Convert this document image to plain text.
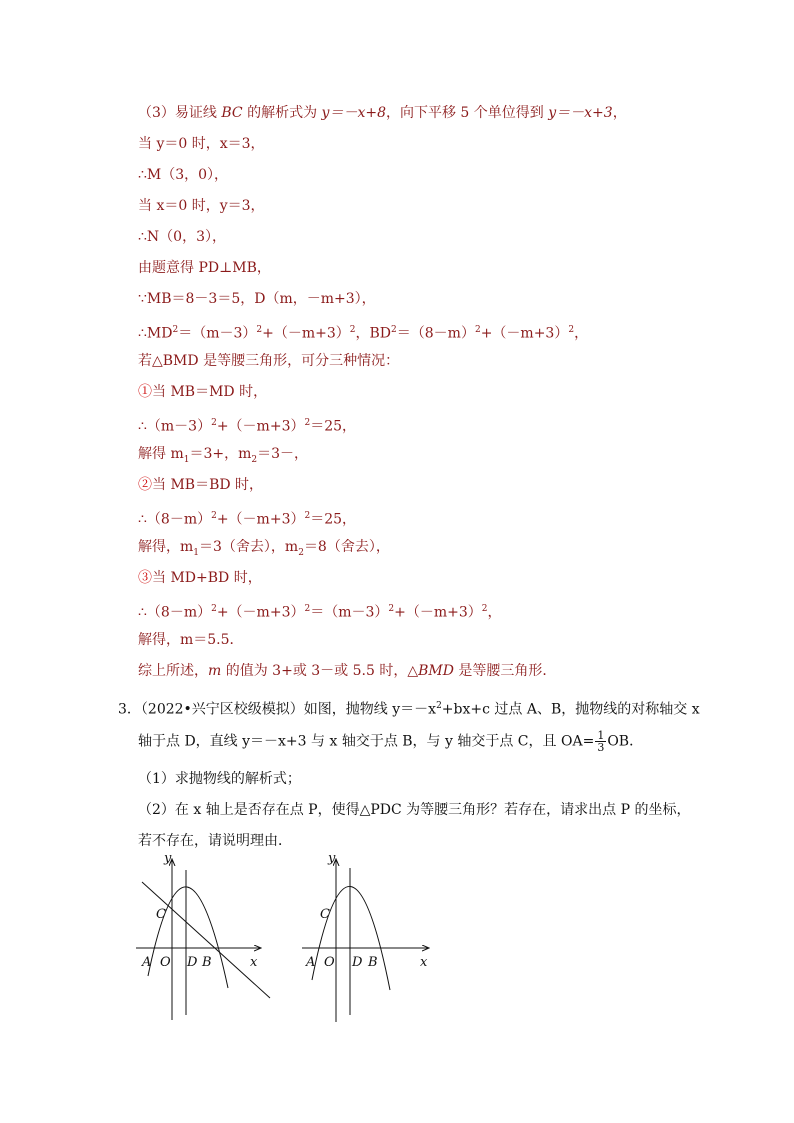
（3）易证线 BC 的解析式为 y＝－x+8，向下平移 5 个单位得到 y＝－x+3，
当 y＝0 时，x＝3，
∴M（3，0），
当 x＝0 时，y＝3，
∴N（0，3），
由题意得 PD⊥MB，
∵MB＝8－3＝5，D（m，－m+3），
$\therefore MD^2=(m-3)^2+(-m+3)^2$，$BD^2=(8-m)^2+(-m+3)^2$，
若△BMD 是等腰三角形，可分三种情况：
①当 MB＝MD 时，
$\therefore(m-3)^2+(-m+3)^2=25$，
解得 $m_1=3+$，$m_2=3-$，
②当 MB＝BD 时，
$\therefore(8-m)^2+(-m+3)^2=25$，
解得，$m_1=3$（舍去），$m_2=8$（舍去），
③当 MD+BD 时，
$\therefore(8-m)^2+(-m+3)^2=(m-3)^2+(-m+3)^2$，
解得，m＝5.5．
综上所述，m 的值为 3+或 3－或 5.5 时，△BMD 是等腰三角形．
3．（2022•兴宁区校级模拟）如图，抛物线 $y=-x^2+bx+c$ 过点 A、B，抛物线的对称轴交 x
轴于点 D，直线 y＝－x+3 与 x 轴交于点 B，与 y 轴交于点 C，且 $OA= \frac{1}{3}$ OB．
（1）求抛物线的解析式；
（2）在 x 轴上是否存在点 P，使得△PDC 为等腰三角形？若存在，请求出点 P 的坐标，
若不存在，请说明理由．
y
x
A O D B
C
y
x
A O D B
C
